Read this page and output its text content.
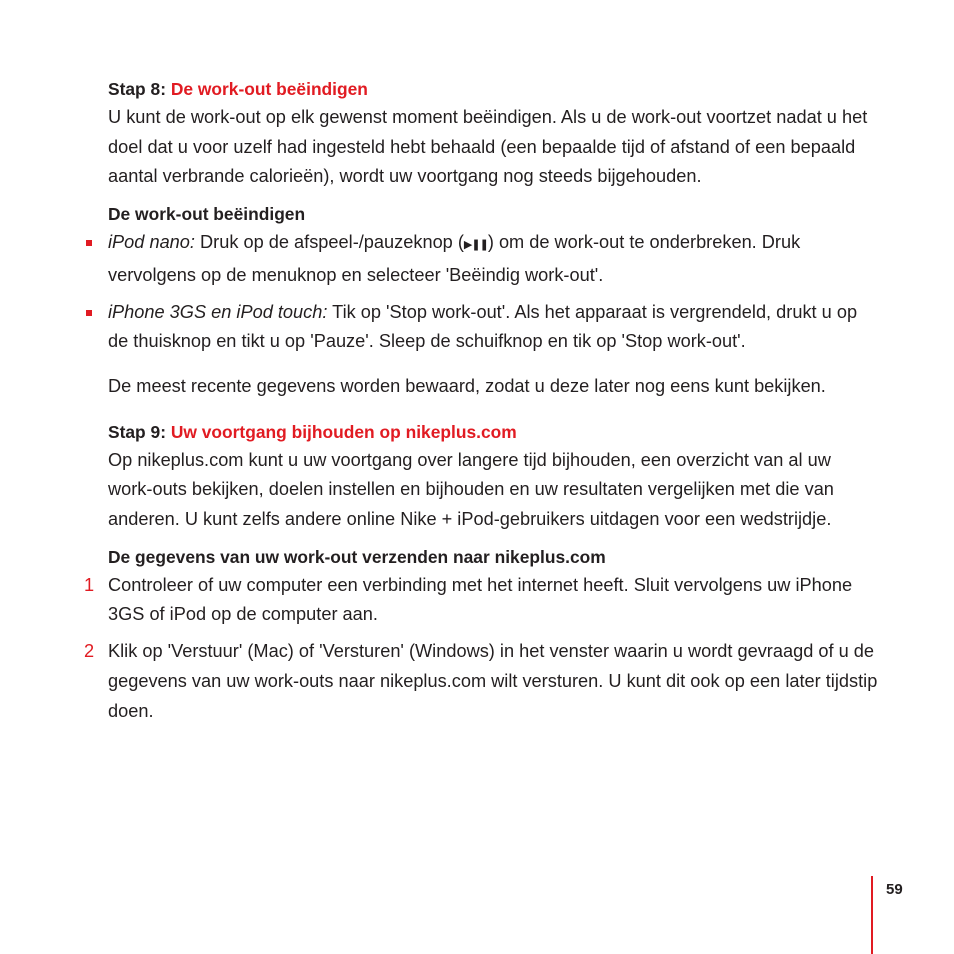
Stap 8: De work-out beëindigen

U kunt de work-out op elk gewenst moment beëindigen. Als u de work-out voortzet nadat u het doel dat u voor uzelf had ingesteld hebt behaald (een bepaalde tijd of afstand of een bepaald aantal verbrande calorieën), wordt uw voortgang nog steeds bijgehouden.

De work-out beëindigen

iPod nano: Druk op de afspeel-/pauzeknop (▶❚❚) om de work-out te onderbreken. Druk vervolgens op de menuknop en selecteer 'Beëindig work-out'.
iPhone 3GS en iPod touch: Tik op 'Stop work-out'. Als het apparaat is vergrendeld, drukt u op de thuisknop en tikt u op 'Pauze'. Sleep de schuifknop en tik op 'Stop work-out'.

De meest recente gegevens worden bewaard, zodat u deze later nog eens kunt bekijken.

Stap 9: Uw voortgang bijhouden op nikeplus.com

Op nikeplus.com kunt u uw voortgang over langere tijd bijhouden, een overzicht van al uw work-outs bekijken, doelen instellen en bijhouden en uw resultaten vergelijken met die van anderen. U kunt zelfs andere online Nike + iPod-gebruikers uitdagen voor een wedstrijdje.

De gegevens van uw work-out verzenden naar nikeplus.com

1 Controleer of uw computer een verbinding met het internet heeft. Sluit vervolgens uw iPhone 3GS of iPod op de computer aan.
2 Klik op 'Verstuur' (Mac) of 'Versturen' (Windows) in het venster waarin u wordt gevraagd of u de gegevens van uw work-outs naar nikeplus.com wilt versturen. U kunt dit ook op een later tijdstip doen.
59
